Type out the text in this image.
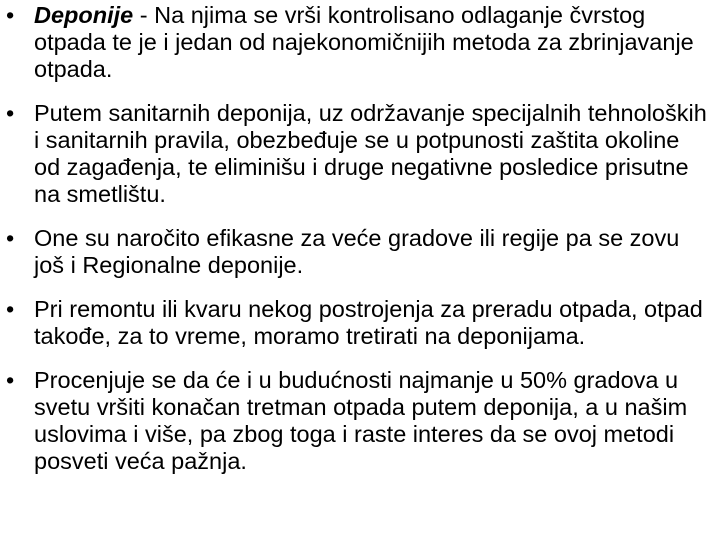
• Deponije - Na njima se vrši kontrolisano odlaganje čvrstog otpada te je i jedan od najekonomičnijih metoda za zbrinjavanje otpada.
• Putem sanitarnih deponija, uz održavanje specijalnih tehnoloških i sanitarnih pravila, obezbeđuje se u potpunosti zaštita okoline od zagađenja, te eliminišu i druge negativne posledice prisutne na smetlištu.
• One su naročito efikasne za veće gradove ili regije pa se zovu još i Regionalne deponije.
• Pri remontu ili kvaru nekog postrojenja za preradu otpada, otpad takođe, za to vreme, moramo tretirati na deponijama.
• Procenjuje se da će i u budućnosti najmanje u 50% gradova u svetu vršiti konačan tretman otpada putem deponija, a u našim uslovima i više, pa zbog toga i raste interes da se ovoj metodi posveti veća pažnja.
